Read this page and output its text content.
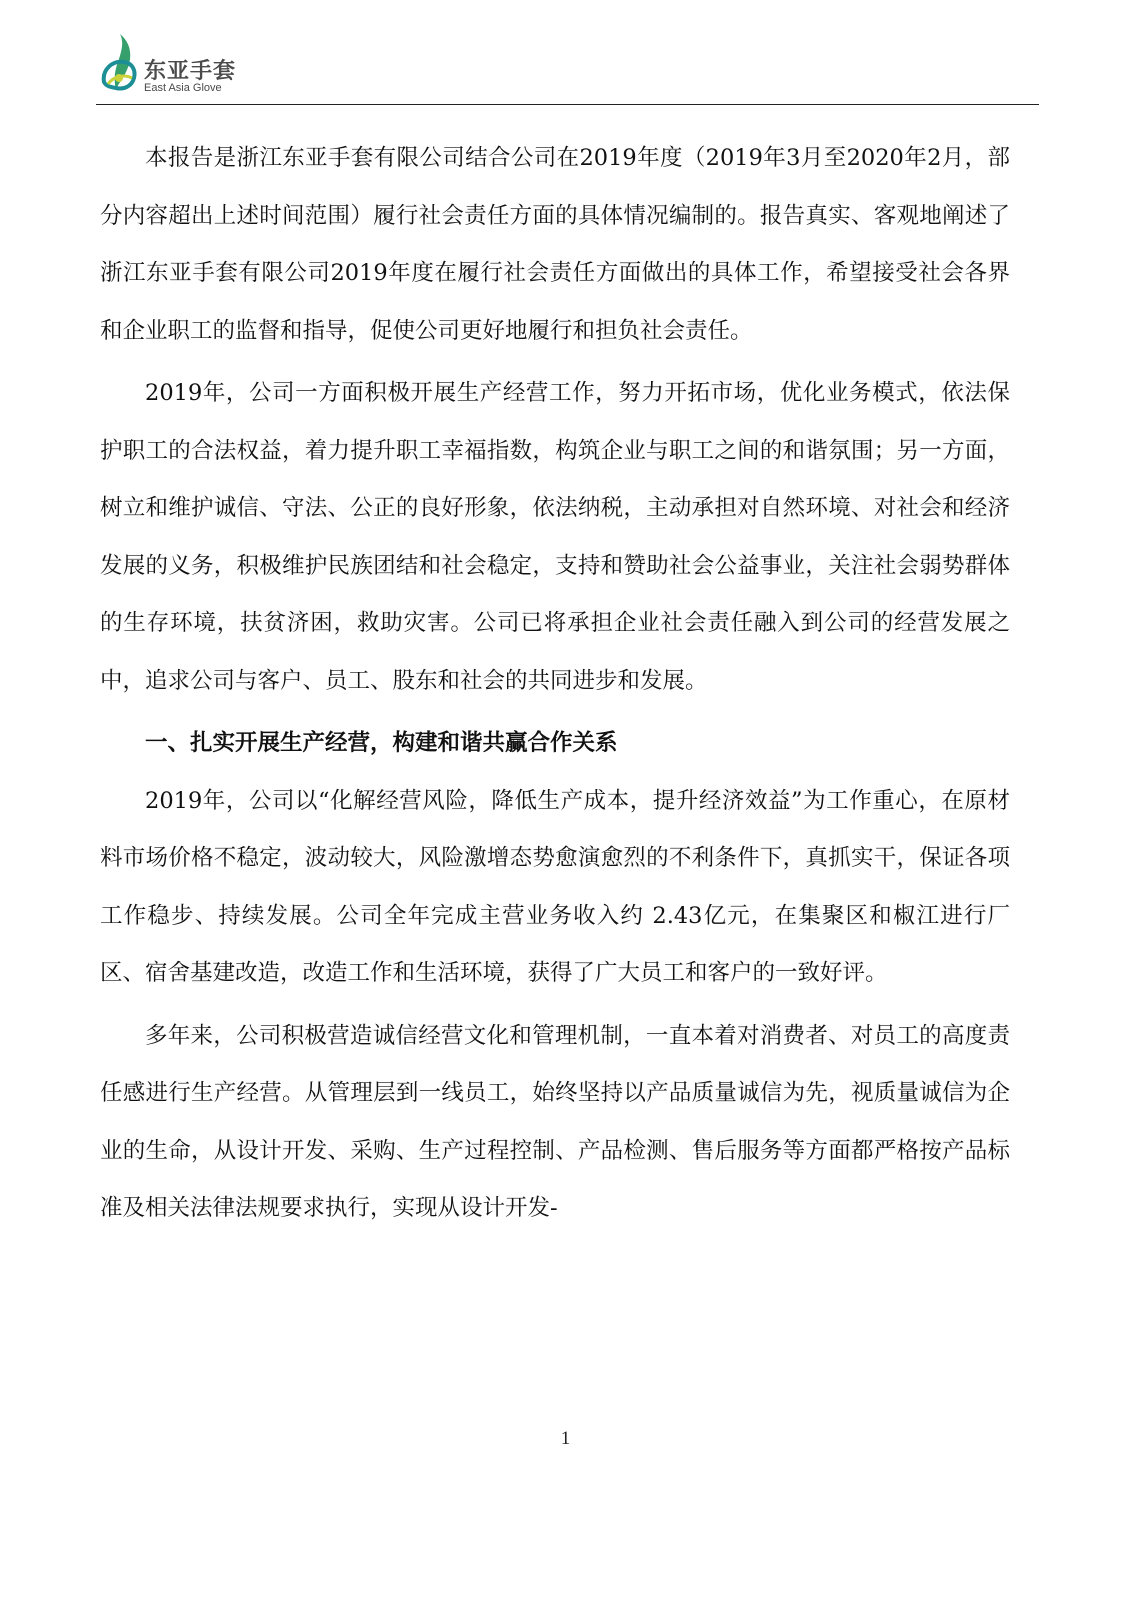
东亚手套
East Asia Glove

本报告是浙江东亚手套有限公司结合公司在2019年度（2019年3月至2020年2月，部分内容超出上述时间范围）履行社会责任方面的具体情况编制的。报告真实、客观地阐述了浙江东亚手套有限公司2019年度在履行社会责任方面做出的具体工作，希望接受社会各界和企业职工的监督和指导，促使公司更好地履行和担负社会责任。

2019年，公司一方面积极开展生产经营工作，努力开拓市场，优化业务模式，依法保护职工的合法权益，着力提升职工幸福指数，构筑企业与职工之间的和谐氛围；另一方面，树立和维护诚信、守法、公正的良好形象，依法纳税，主动承担对自然环境、对社会和经济发展的义务，积极维护民族团结和社会稳定，支持和赞助社会公益事业，关注社会弱势群体的生存环境，扶贫济困，救助灾害。公司已将承担企业社会责任融入到公司的经营发展之中，追求公司与客户、员工、股东和社会的共同进步和发展。

一、扎实开展生产经营，构建和谐共赢合作关系

2019年，公司以“化解经营风险，降低生产成本，提升经济效益”为工作重心，在原材料市场价格不稳定，波动较大，风险激增态势愈演愈烈的不利条件下，真抓实干，保证各项工作稳步、持续发展。公司全年完成主营业务收入约 2.43亿元，在集聚区和椒江进行厂区、宿舍基建改造，改造工作和生活环境，获得了广大员工和客户的一致好评。

多年来，公司积极营造诚信经营文化和管理机制，一直本着对消费者、对员工的高度责任感进行生产经营。从管理层到一线员工，始终坚持以产品质量诚信为先，视质量诚信为企业的生命，从设计开发、采购、生产过程控制、产品检测、售后服务等方面都严格按产品标准及相关法律法规要求执行，实现从设计开发-

1
